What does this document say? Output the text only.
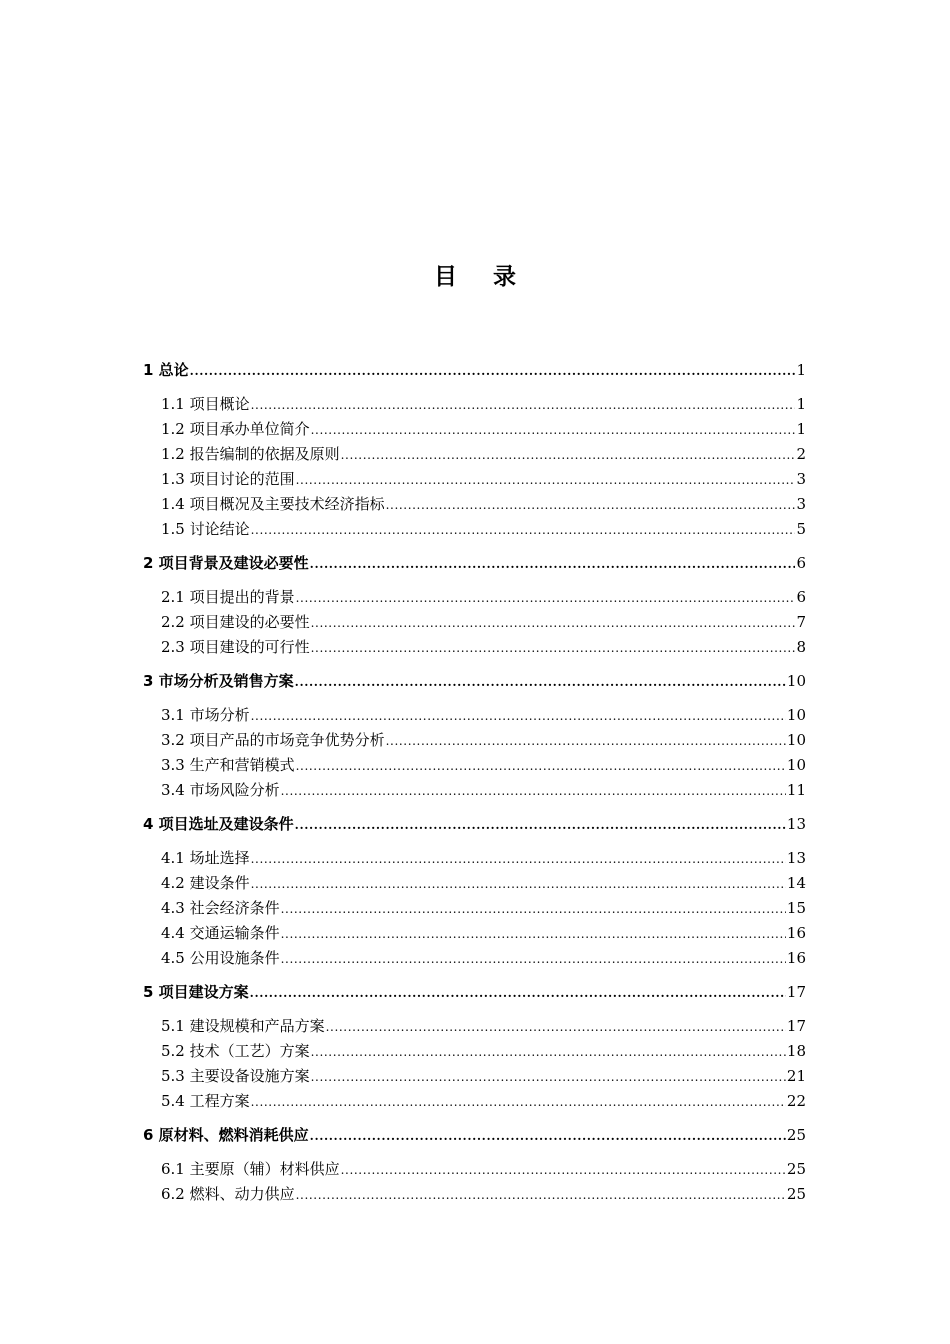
目 录
1 总论 .....	1
1.1 项目概论 .....	1
1.2 项目承办单位简介 .....	1
1.2 报告编制的依据及原则 .....	2
1.3 项目讨论的范围 .....	3
1.4 项目概况及主要技术经济指标 .....	3
1.5 讨论结论 .....	5
2 项目背景及建设必要性 .....	6
2.1 项目提出的背景 .....	6
2.2 项目建设的必要性 .....	7
2.3 项目建设的可行性 .....	8
3 市场分析及销售方案 .....	10
3.1 市场分析 .....	10
3.2 项目产品的市场竞争优势分析 .....	10
3.3 生产和营销模式 .....	10
3.4 市场风险分析 .....	11
4 项目选址及建设条件 .....	13
4.1 场址选择 .....	13
4.2 建设条件 .....	14
4.3 社会经济条件 .....	15
4.4 交通运输条件 .....	16
4.5 公用设施条件 .....	16
5 项目建设方案 .....	17
5.1 建设规模和产品方案 .....	17
5.2 技术（工艺）方案 .....	18
5.3 主要设备设施方案 .....	21
5.4 工程方案 .....	22
6 原材料、燃料消耗供应 .....	25
6.1 主要原（辅）材料供应 .....	25
6.2 燃料、动力供应 .....	25
